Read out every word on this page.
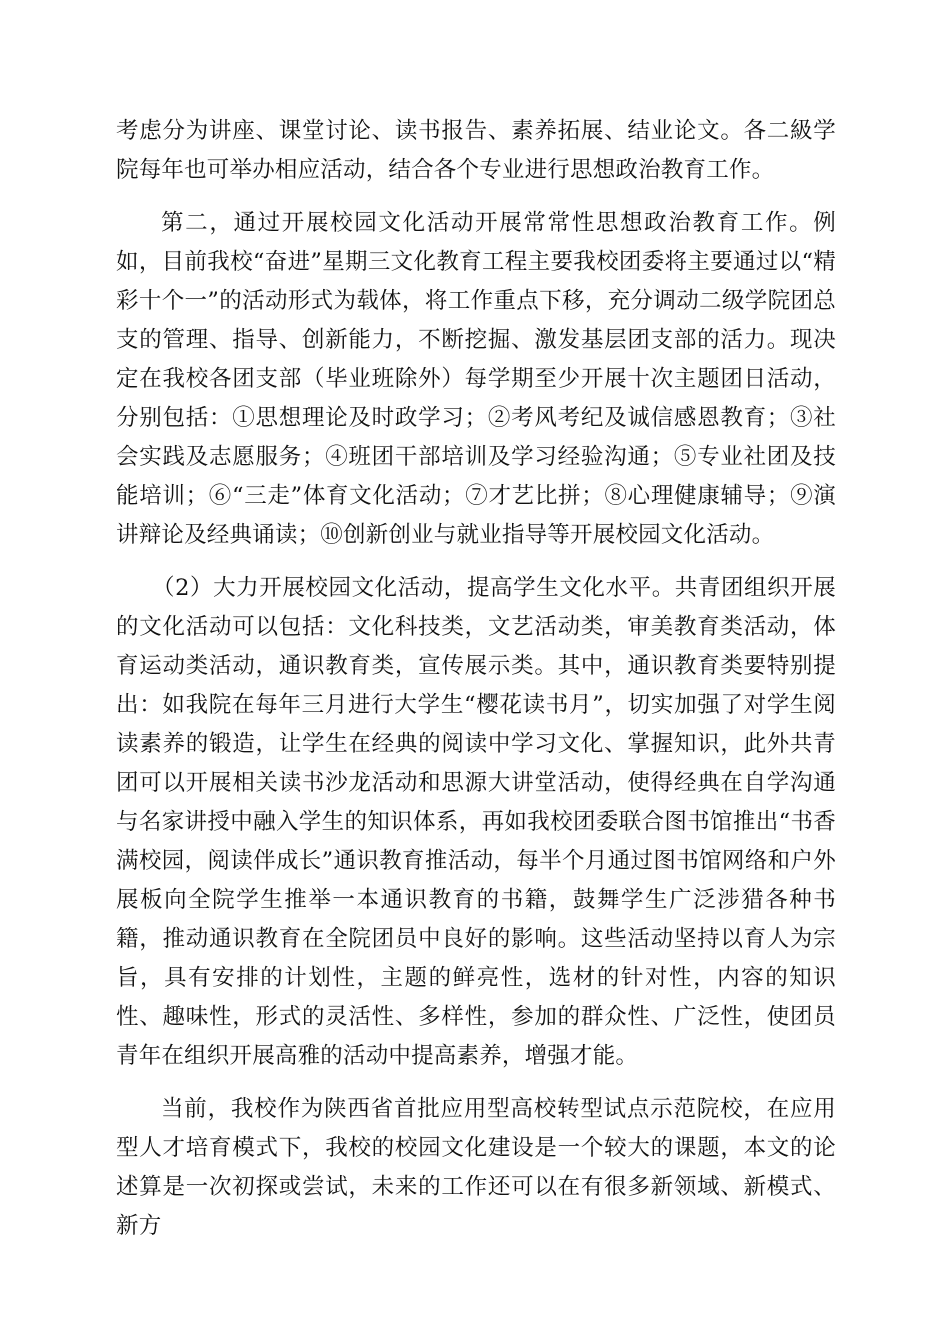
考虑分为讲座、课堂讨论、读书报告、素养拓展、结业论文。各二級学院每年也可举办相应活动，结合各个专业进行思想政治教育工作。

第二，通过开展校园文化活动开展常常性思想政治教育工作。例如，目前我校“奋进”星期三文化教育工程主要我校团委将主要通过以“精彩十个一”的活动形式为载体，将工作重点下移，充分调动二级学院团总支的管理、指导、创新能力，不断挖掘、激发基层团支部的活力。现决定在我校各团支部（毕业班除外）每学期至少开展十次主题团日活动，分别包括：①思想理论及时政学习；②考风考纪及诚信感恩教育；③社会实践及志愿服务；④班团干部培训及学习经验沟通；⑤专业社团及技能培训；⑥“三走”体育文化活动；⑦才艺比拼；⑧心理健康辅导；⑨演讲辩论及经典诵读；⑩创新创业与就业指导等开展校园文化活动。

（2）大力开展校园文化活动，提高学生文化水平。共青团组织开展的文化活动可以包括：文化科技类，文艺活动类，审美教育类活动，体育运动类活动，通识教育类，宣传展示类。其中，通识教育类要特别提出：如我院在每年三月进行大学生“樱花读书月”，切实加强了对学生阅读素养的锻造，让学生在经典的阅读中学习文化、掌握知识，此外共青团可以开展相关读书沙龙活动和思源大讲堂活动，使得经典在自学沟通与名家讲授中融入学生的知识体系，再如我校团委联合图书馆推出“书香满校园，阅读伴成长”通识教育推活动，每半个月通过图书馆网络和户外展板向全院学生推举一本通识教育的书籍，鼓舞学生广泛涉猎各种书籍，推动通识教育在全院团员中良好的影响。这些活动坚持以育人为宗旨，具有安排的计划性，主题的鲜亮性，选材的针对性，内容的知识性、趣味性，形式的灵活性、多样性，参加的群众性、广泛性，使团员青年在组织开展高雅的活动中提高素养，增强才能。

当前，我校作为陕西省首批应用型高校转型试点示范院校，在应用型人才培育模式下，我校的校园文化建设是一个较大的课题，本文的论述算是一次初探或尝试，未来的工作还可以在有很多新领域、新模式、新方
